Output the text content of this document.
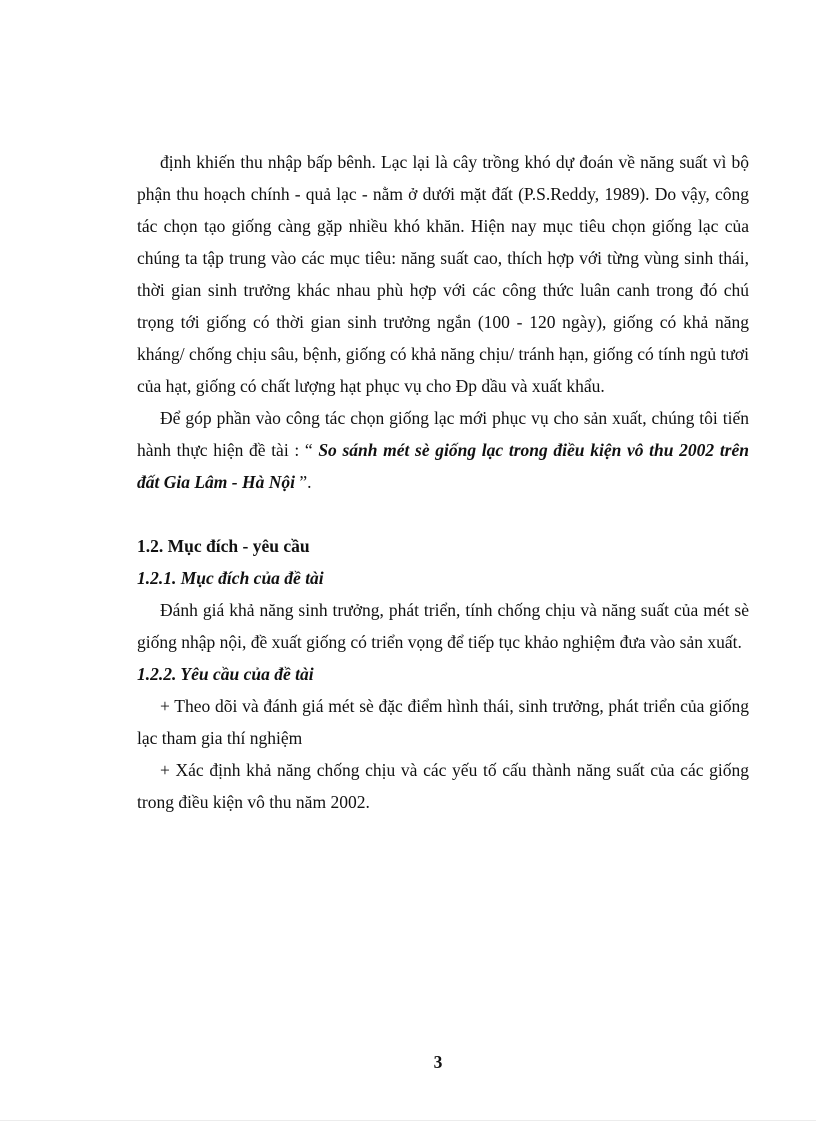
định khiến thu nhập bấp bênh. Lạc lại là cây trồng khó dự đoán về năng suất vì bộ phận thu hoạch chính - quả lạc - nằm ở dưới mặt đất (P.S.Reddy, 1989). Do vậy, công tác chọn tạo giống càng gặp nhiều khó khăn. Hiện nay mục tiêu chọn giống lạc của chúng ta tập trung vào các mục tiêu: năng suất cao, thích hợp với từng vùng sinh thái, thời gian sinh trưởng khác nhau phù hợp với các công thức luân canh trong đó chú trọng tới giống có thời gian sinh trưởng ngắn (100 - 120 ngày), giống có khả năng kháng/ chống chịu sâu, bệnh, giống có khả năng chịu/ tránh hạn, giống có tính ngủ tươi của hạt, giống có chất lượng hạt phục vụ cho Đp dầu và xuất khẩu.

Để góp phần vào công tác chọn giống lạc mới phục vụ cho sản xuất, chúng tôi tiến hành thực hiện đề tài : “ So sánh mét sè giống lạc trong điều kiện vô thu 2002 trên đất Gia Lâm - Hà Nội ”.

1.2. Mục đích - yêu cầu

1.2.1. Mục đích của đề tài

Đánh giá khả năng sinh trưởng, phát triển, tính chống chịu và năng suất của mét sè giống nhập nội, đề xuất giống có triển vọng để tiếp tục khảo nghiệm đưa vào sản xuất.

1.2.2. Yêu cầu của đề tài

+ Theo dõi và đánh giá mét sè đặc điểm hình thái, sinh trưởng, phát triển của giống lạc tham gia thí nghiệm

+ Xác định khả năng chống chịu và các yếu tố cấu thành năng suất của các giống trong điều kiện vô thu năm 2002.

3
